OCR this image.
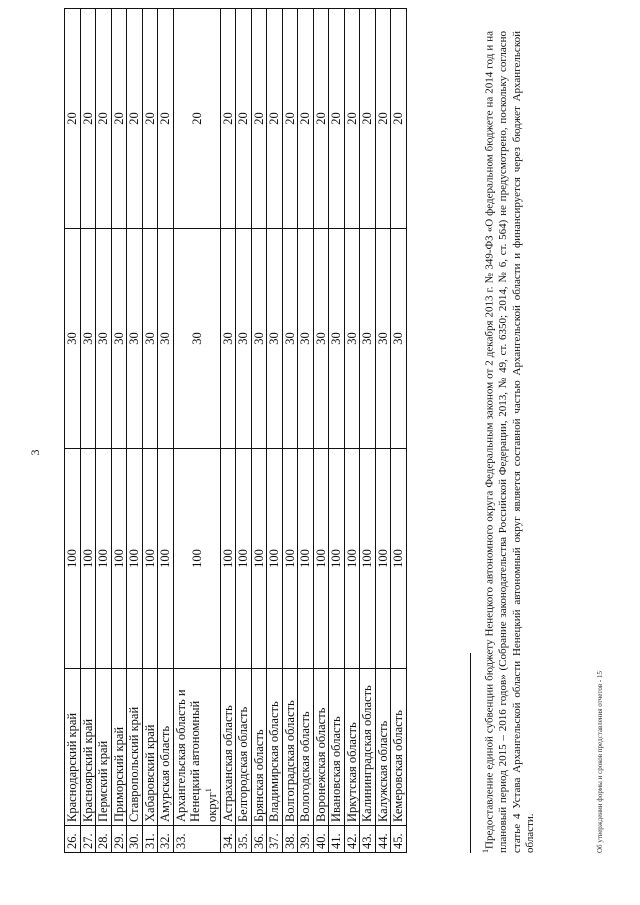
3
26.	Краснодарский край	100	30	20
27.	Красноярский край	100	30	20
28.	Пермский край	100	30	20
29.	Приморский край	100	30	20
30.	Ставропольский край	100	30	20
31.	Хабаровский край	100	30	20
32.	Амурская область	100	30	20
33.	Архангельская область и Ненецкий автономный округ$^1$	100	30	20
34.	Астраханская область	100	30	20
35.	Белгородская область	100	30	20
36.	Брянская область	100	30	20
37.	Владимирская область	100	30	20
38.	Волгоградская область	100	30	20
39.	Вологодская область	100	30	20
40.	Воронежская область	100	30	20
41.	Ивановская область	100	30	20
42.	Иркутская область	100	30	20
43.	Калининградская область	100	30	20
44.	Калужская область	100	30	20
45.	Кемеровская область	100	30	20
$^1$Предоставление единой субвенции бюджету Ненецкого автономного округа Федеральным законом от 2 декабря 2013 г. № 349-ФЗ «О федеральном бюджете на 2014 год и на плановый период 2015 – 2016 годов» (Собрание законодательства Российской Федерации, 2013, № 49, ст. 6350; 2014, № 6, ст. 564) не предусмотрено, поскольку согласно статье 4 Устава Архангельской области Ненецкий автономный округ является составной частью Архангельской области и финансируется через бюджет Архангельской области.	Об утверждении формы и сроков представления отчетов - 15
